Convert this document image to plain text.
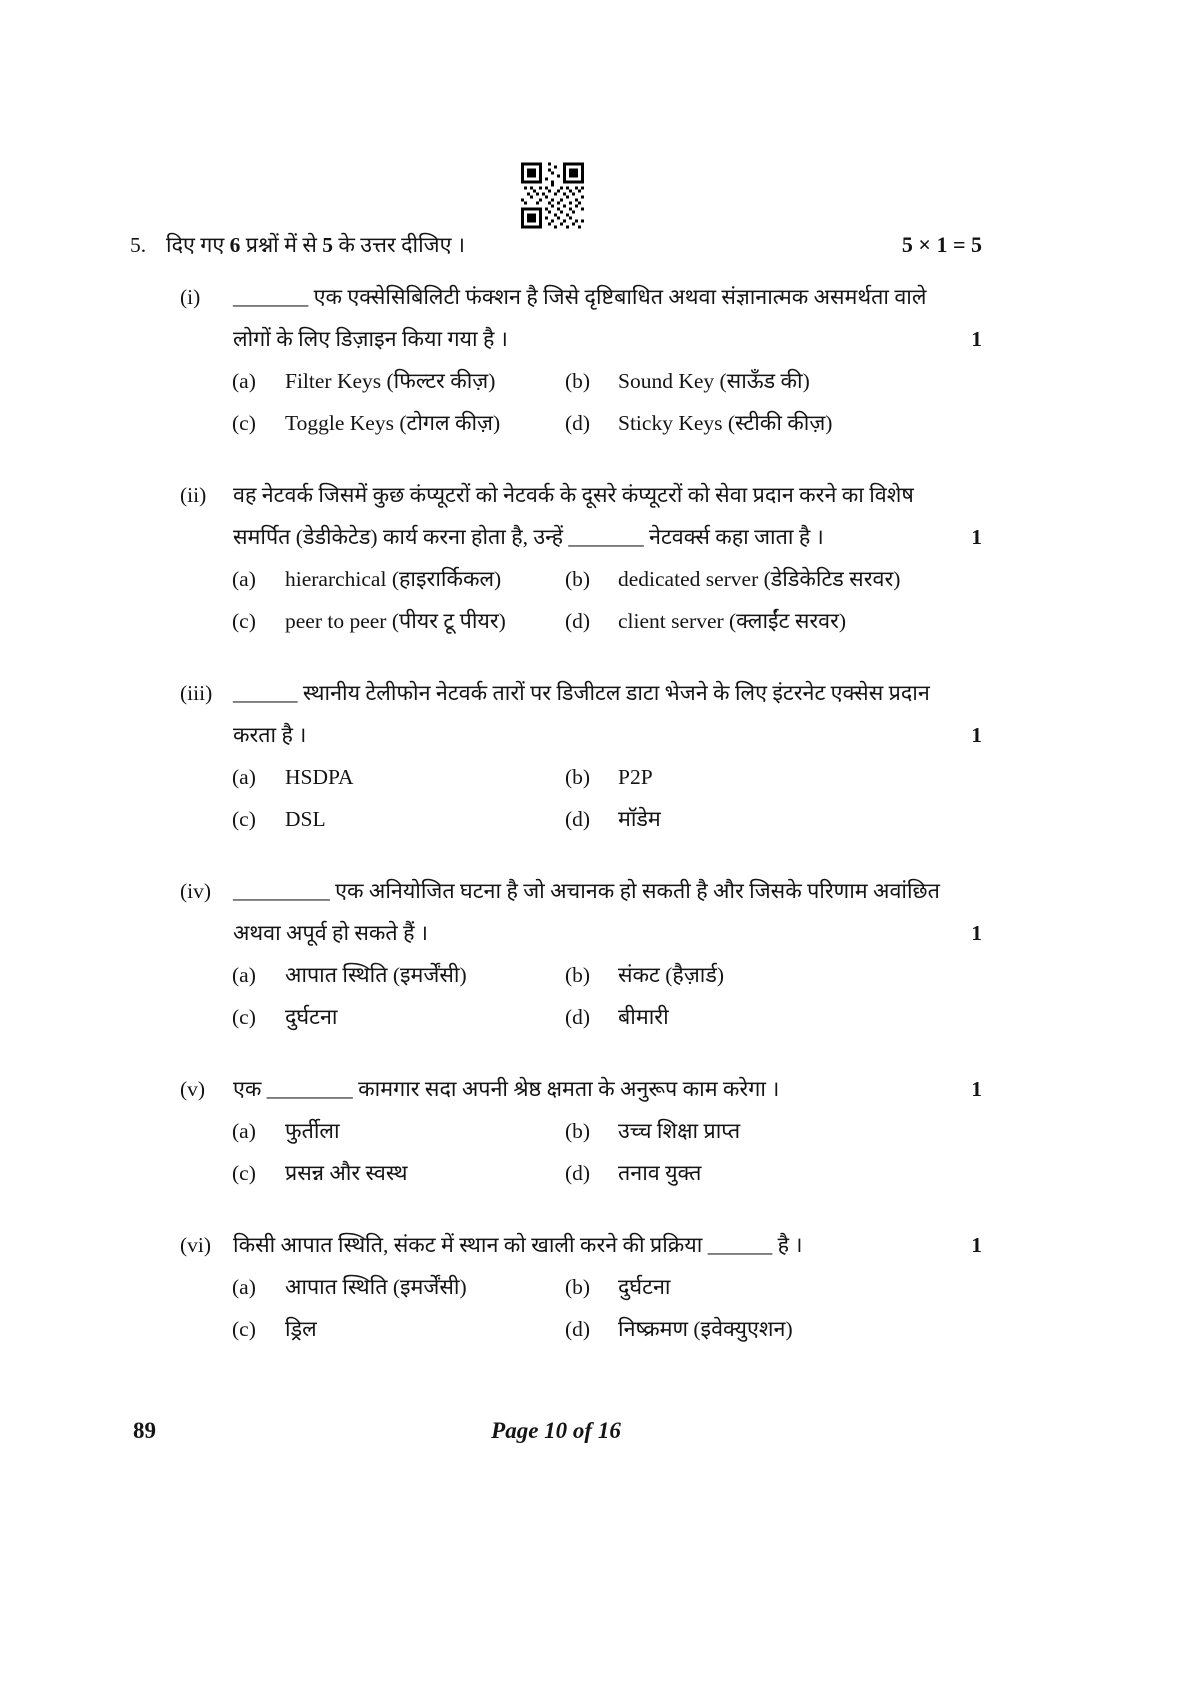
5. दिए गए 6 प्रश्नों में से 5 के उत्तर दीजिए ।	5 × 1 = 5
(i)	_______ एक एक्सेसिबिलिटी फंक्शन है जिसे दृष्टिबाधित अथवा संज्ञानात्मक असमर्थता वाले
लोगों के लिए डिज़ाइन किया गया है ।	1
(a)	Filter Keys (फिल्टर कीज़)	(b)	Sound Key (साऊँड की)
(c)	Toggle Keys (टोगल कीज़)	(d)	Sticky Keys (स्टीकी कीज़)
(ii)	वह नेटवर्क जिसमें कुछ कंप्यूटरों को नेटवर्क के दूसरे कंप्यूटरों को सेवा प्रदान करने का विशेष
समर्पित (डेडीकेटेड) कार्य करना होता है, उन्हें _______ नेटवर्क्स कहा जाता है ।	1
(a)	hierarchical (हाइरार्किकल)	(b)	dedicated server (डेडिकेटिड सरवर)
(c)	peer to peer (पीयर टू पीयर)	(d)	client server (क्लाईंट सरवर)
(iii) ______ स्थानीय टेलीफोन नेटवर्क तारों पर डिजीटल डाटा भेजने के लिए इंटरनेट एक्सेस प्रदान
करता है ।	1
(a)	HSDPA	(b)	P2P
(c)	DSL	(d)	मॉडेम
(iv)	_________ एक अनियोजित घटना है जो अचानक हो सकती है और जिसके परिणाम अवांछित
अथवा अपूर्व हो सकते हैं ।	1
(a)	आपात स्थिति (इमर्जेंसी)	(b)	संकट (हैज़ार्ड)
(c)	दुर्घटना	(d)	बीमारी
(v)	एक ________ कामगार सदा अपनी श्रेष्ठ क्षमता के अनुरूप काम करेगा ।	1
(a)	फुर्तीला	(b)	उच्च शिक्षा प्राप्त
(c)	प्रसन्न और स्वस्थ	(d)	तनाव युक्त
(vi)	किसी आपात स्थिति, संकट में स्थान को खाली करने की प्रक्रिया ______ है ।	1
(a)	आपात स्थिति (इमर्जेंसी)	(b)	दुर्घटना
(c)	ड्रिल	(d)	निष्क्रमण (इवेक्युएशन)
89	Page 10 of 16
